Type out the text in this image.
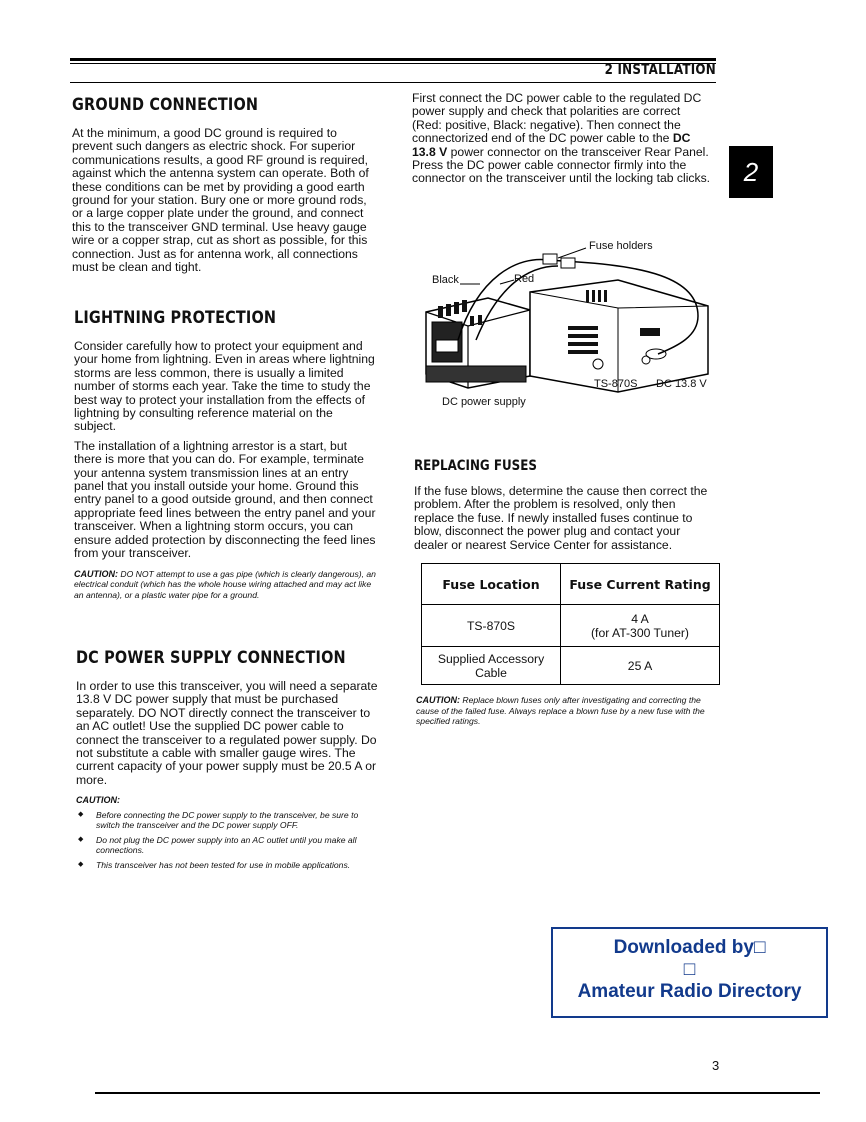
2 INSTALLATION
2
GROUND CONNECTION

At the minimum, a good DC ground is required to prevent such dangers as electric shock. For superior communications results, a good RF ground is required, against which the antenna system can operate. Both of these conditions can be met by providing a good earth ground for your station. Bury one or more ground rods, or a large copper plate under the ground, and connect this to the transceiver GND terminal. Use heavy gauge wire or a copper strap, cut as short as possible, for this connection. Just as for antenna work, all connections must be clean and tight.

LIGHTNING PROTECTION

Consider carefully how to protect your equipment and your home from lightning. Even in areas where lightning storms are less common, there is usually a limited number of storms each year. Take the time to study the best way to protect your installation from the effects of lightning by consulting reference material on the subject.

The installation of a lightning arrestor is a start, but there is more that you can do. For example, terminate your antenna system transmission lines at an entry panel that you install outside your home. Ground this entry panel to a good outside ground, and then connect appropriate feed lines between the entry panel and your transceiver. When a lightning storm occurs, you can ensure added protection by disconnecting the feed lines from your transceiver.

CAUTION: DO NOT attempt to use a gas pipe (which is clearly dangerous), an electrical conduit (which has the whole house wiring attached and may act like an antenna), or a plastic water pipe for a ground.
DC POWER SUPPLY CONNECTION

In order to use this transceiver, you will need a separate 13.8 V DC power supply that must be purchased separately. DO NOT directly connect the transceiver to an AC outlet! Use the supplied DC power cable to connect the transceiver to a regulated power supply. Do not substitute a cable with smaller gauge wires. The current capacity of your power supply must be 20.5 A or more.

CAUTION:
◆ Before connecting the DC power supply to the transceiver, be sure to switch the transceiver and the DC power supply OFF.
◆ Do not plug the DC power supply into an AC outlet until you make all connections.
◆ This transceiver has not been tested for use in mobile applications.

First connect the DC power cable to the regulated DC power supply and check that polarities are correct (Red: positive, Black: negative). Then connect the connectorized end of the DC power cable to the DC 13.8 V power connector on the transceiver Rear Panel. Press the DC power cable connector firmly into the connector on the transceiver until the locking tab clicks.

Fuse holders
Black	Red
TS-870S DC 13.8 V
DC power supply
REPLACING FUSES

If the fuse blows, determine the cause then correct the problem. After the problem is resolved, only then replace the fuse. If newly installed fuses continue to blow, disconnect the power plug and contact your dealer or nearest Service Center for assistance.

Fuse Location	Fuse Current Rating
TS-870S	4 A
(for AT-300 Tuner)

Supplied Accessory Cable	25 A
CAUTION: Replace blown fuses only after investigating and correcting the cause of the failed fuse. Always replace a blown fuse by a new fuse with the specified ratings.
Downloaded by□
□
Amateur Radio Directory
3
